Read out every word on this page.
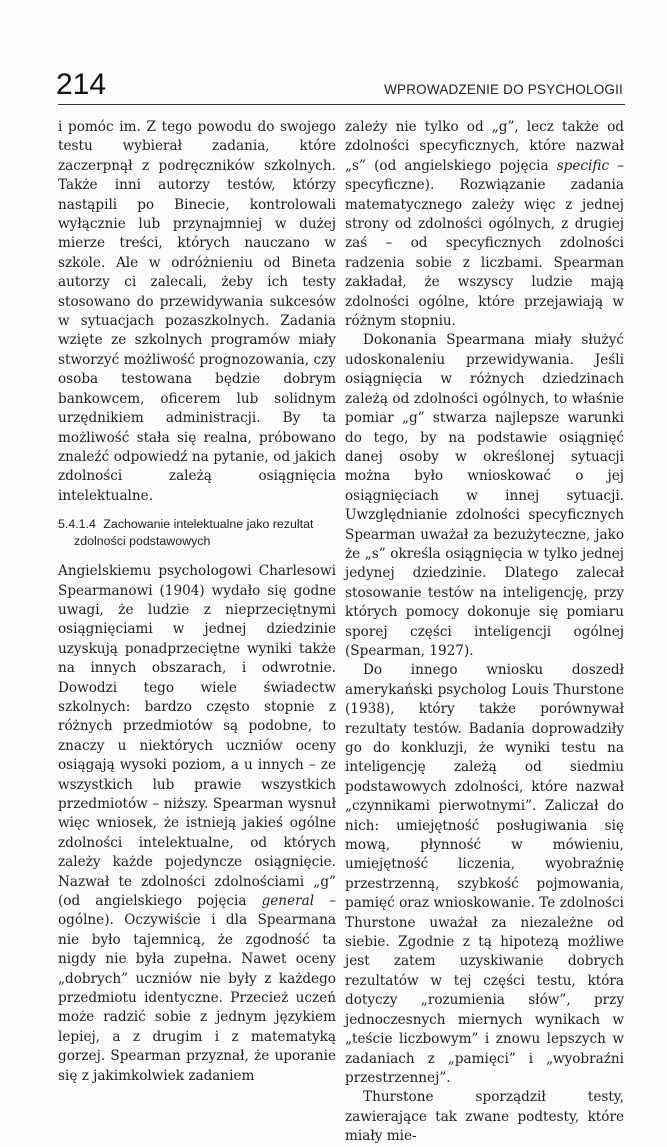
214	WPROWADZENIE DO PSYCHOLOGII

i pomóc im. Z tego powodu do swojego testu wybierał zadania, które zaczerpnął z podręczników szkolnych. Także inni autorzy testów, którzy nastąpili po Binecie, kontrolowali wyłącznie lub przynajmniej w dużej mierze treści, których nauczano w szkole. Ale w odróżnieniu od Bineta autorzy ci zalecali, żeby ich testy stosowano do przewidywania sukcesów w sytuacjach pozaszkolnych. Zadania wzięte ze szkolnych programów miały stworzyć możliwość prognozowania, czy osoba testowana będzie dobrym bankowcem, oficerem lub solidnym urzędnikiem administracji. By ta możliwość stała się realna, próbowano znaleźć odpowiedź na pytanie, od jakich zdolności zależą osiągnięcia intelektualne.

5.4.1.4 Zachowanie intelektualne jako rezultat zdolności podstawowych

Angielskiemu psychologowi Charlesowi Spearmanowi (1904) wydało się godne uwagi, że ludzie z nieprzeciętnymi osiągnięciami w jednej dziedzinie uzyskują ponadprzeciętne wyniki także na innych obszarach, i odwrotnie. Dowodzi tego wiele świadectw szkolnych: bardzo często stopnie z różnych przedmiotów są podobne, to znaczy u niektórych uczniów oceny osiągają wysoki poziom, a u innych – ze wszystkich lub prawie wszystkich przedmiotów – niższy. Spearman wysnuł więc wniosek, że istnieją jakieś ogólne zdolności intelektualne, od których zależy każde pojedyncze osiągnięcie. Nazwał te zdolności zdolnościami „g” (od angielskiego pojęcia general – ogólne). Oczywiście i dla Spearmana nie było tajemnicą, że zgodność ta nigdy nie była zupełna. Nawet oceny „dobrych” uczniów nie były z każdego przedmiotu identyczne. Przecież uczeń może radzić sobie z jednym językiem lepiej, a z drugim i z matematyką gorzej. Spearman przyznał, że uporanie się z jakimkolwiek zadaniem

zależy nie tylko od „g”, lecz także od zdolności specyficznych, które nazwał „s” (od angielskiego pojęcia specific – specyficzne). Rozwiązanie zadania matematycznego zależy więc z jednej strony od zdolności ogólnych, z drugiej zaś – od specyficznych zdolności radzenia sobie z liczbami. Spearman zakładał, że wszyscy ludzie mają zdolności ogólne, które przejawiają w różnym stopniu.

Dokonania Spearmana miały służyć udoskonaleniu przewidywania. Jeśli osiągnięcia w różnych dziedzinach zależą od zdolności ogólnych, to właśnie pomiar „g” stwarza najlepsze warunki do tego, by na podstawie osiągnięć danej osoby w określonej sytuacji można było wnioskować o jej osiągnięciach w innej sytuacji. Uwzględnianie zdolności specyficznych Spearman uważał za bezużyteczne, jako że „s” określa osiągnięcia w tylko jednej jedynej dziedzinie. Dlatego zalecał stosowanie testów na inteligencję, przy których pomocy dokonuje się pomiaru sporej części inteligencji ogólnej (Spearman, 1927).

Do innego wniosku doszedł amerykański psycholog Louis Thurstone (1938), który także porównywał rezultaty testów. Badania doprowadziły go do konkluzji, że wyniki testu na inteligencję zależą od siedmiu podstawowych zdolności, które nazwał „czynnikami pierwotnymi”. Zaliczał do nich: umiejętność posługiwania się mową, płynność w mówieniu, umiejętność liczenia, wyobraźnię przestrzenną, szybkość pojmowania, pamięć oraz wnioskowanie. Te zdolności Thurstone uważał za niezależne od siebie. Zgodnie z tą hipotezą możliwe jest zatem uzyskiwanie dobrych rezultatów w tej części testu, która dotyczy „rozumienia słów”, przy jednoczesnych miernych wynikach w „teście liczbowym” i znowu lepszych w zadaniach z „pamięci” i „wyobraźni przestrzennej”.

Thurstone sporządził testy, zawierające tak zwane podtesty, które miały mie-
